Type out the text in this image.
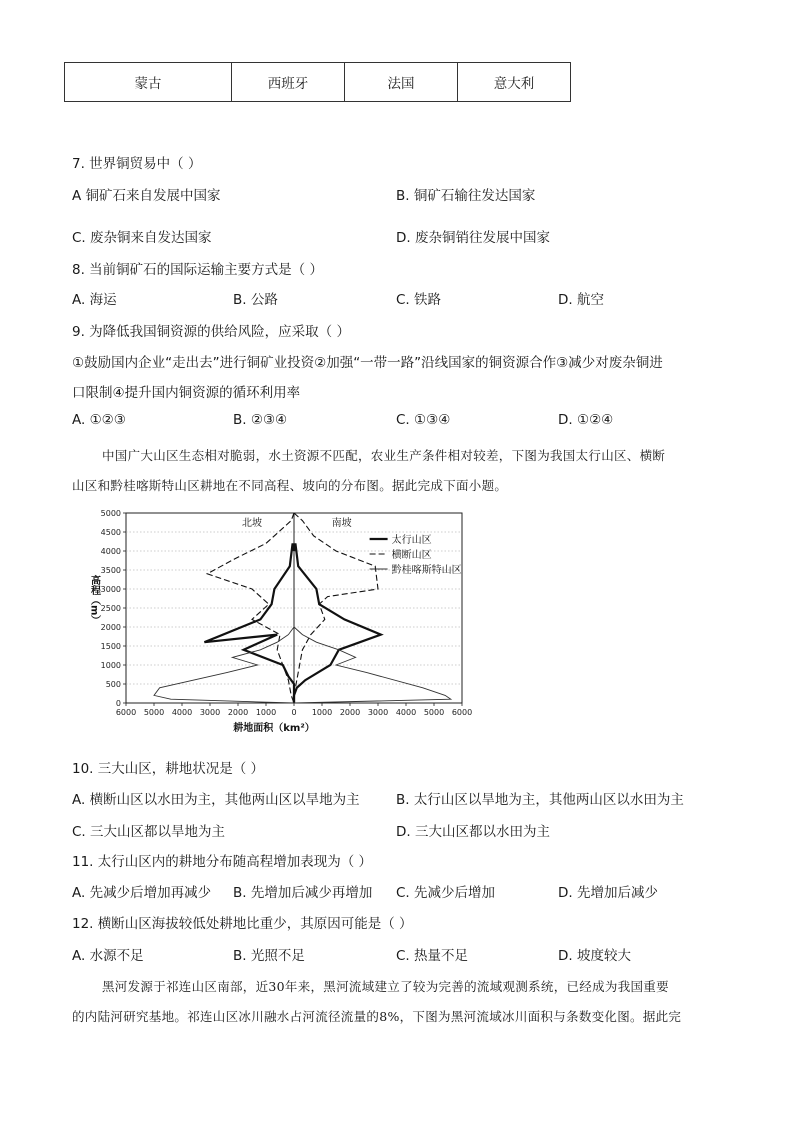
蒙古	西班牙	法国	意大利
7. 世界铜贸易中（ ）
A 铜矿石来自发展中国家	B. 铜矿石输往发达国家
C. 废杂铜来自发达国家	D. 废杂铜销往发展中国家
8. 当前铜矿石的国际运输主要方式是（ ）
A. 海运	B. 公路	C. 铁路	D. 航空
9. 为降低我国铜资源的供给风险，应采取（ ）
①鼓励国内企业“走出去”进行铜矿业投资②加强“一带一路”沿线国家的铜资源合作③减少对废杂铜进
口限制④提升国内铜资源的循环利用率
A. ①②③	B. ②③④	C. ①③④	D. ①②④
中国广大山区生态相对脆弱，水土资源不匹配，农业生产条件相对较差，下图为我国太行山区、横断
山区和黔桂喀斯特山区耕地在不同高程、坡向的分布图。据此完成下面小题。
0
500
1000
1500
2000
2500
3000
3500
4000
4500
5000
6000 5000 4000 3000 2000 1000 0 1000 2000 3000 4000 5000 6000
耕地面积（km²）
高程（m）
北坡	南坡
太行山区
横断山区
黔桂喀斯特山区
10. 三大山区，耕地状况是（ ）
A. 横断山区以水田为主，其他两山区以旱地为主	B. 太行山区以旱地为主，其他两山区以水田为主
C. 三大山区都以旱地为主	D. 三大山区都以水田为主
11. 太行山区内的耕地分布随高程增加表现为（ ）
A. 先减少后增加再减少 B. 先增加后减少再增加 C. 先减少后增加	D. 先增加后减少
12. 横断山区海拔较低处耕地比重少，其原因可能是（ ）
A. 水源不足	B. 光照不足	C. 热量不足	D. 坡度较大
黑河发源于祁连山区南部，近30年来，黑河流域建立了较为完善的流域观测系统，已经成为我国重要
的内陆河研究基地。祁连山区冰川融水占河流径流量的8%，下图为黑河流域冰川面积与条数变化图。据此完
